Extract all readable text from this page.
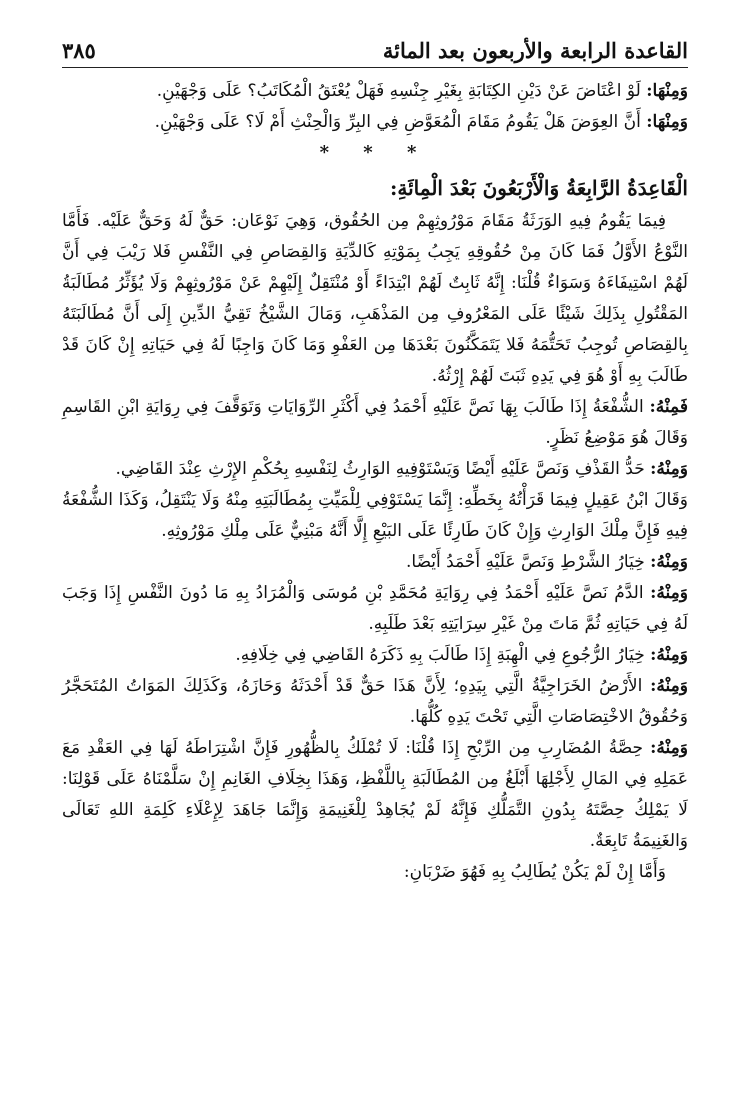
القاعدة الرابعة والأربعون بعد المائة
٣٨٥

وَمِنْهَا: لَوْ اعْتَاضَ عَنْ دَيْنِ الكِتَابَةِ بِغَيْرِ جِنْسِهِ فَهَلْ يُعْتَقُ الْمُكَاتَبُ؟ عَلَى وَجْهَيْنِ.

وَمِنْهَا: أَنَّ العِوَضَ هَلْ يَقُومُ مَقَامَ الْمُعَوَّضِ فِي البِرِّ وَالْحِنْثِ أَمْ لَا؟ عَلَى وَجْهَيْنِ.

* * *
الْقَاعِدَةُ الرَّابِعَةُ وَالْأَرْبَعُونَ بَعْدَ الْمِائَةِ:

فِيمَا يَقُومُ فِيهِ الوَرَثَةُ مَقَامَ مَوْرُوثِهِمْ مِن الحُقُوق، وَهِيَ نَوْعَان: حَقٌّ لَهُ وَحَقٌّ عَلَيْه. فَأَمَّا النَّوْعُ الأَوَّلُ فَمَا كَانَ مِنْ حُقُوقِهِ يَجِبُ بِمَوْتِهِ كَالدِّيَةِ وَالقِصَاصِ فِي النَّفْسِ فَلا رَيْبَ فِي أَنَّ لَهُمْ اسْتِيفَاءَهُ وَسَوَاءٌ قُلْنَا: إِنَّهُ ثَابِتٌ لَهُمْ ابْتِدَاءً أَوْ مُنْتَقِلٌ إِلَيْهِمْ عَنْ مَوْرُوثِهِمْ وَلَا يُؤَثِّرُ مُطَالَبَةُ المَقْتُولِ بِذَلِكَ شَيْئًا عَلَى المَعْرُوفِ مِن المَذْهَبِ، وَمَالَ الشَّيْخُ تَقِيُّ الدِّينِ إِلَى أَنَّ مُطَالَبَتَهُ بِالقِصَاصِ تُوجِبُ تَحَتُّمَهُ فَلا يَتَمَكَّنُونَ بَعْدَهَا مِن العَفْوِ وَمَا كَانَ وَاجِبًا لَهُ فِي حَيَاتِهِ إِنْ كَانَ قَدْ طَالَبَ بِهِ أَوْ هُوَ فِي يَدِهِ ثَبَتَ لَهُمْ إِرْثُهُ.

فَمِنْهُ: الشُّفْعَةُ إِذَا طَالَبَ بِهَا نَصَّ عَلَيْهِ أَحْمَدُ فِي أَكْثَرِ الرِّوَايَاتِ وَتَوَقَّفَ فِي رِوَايَةِ ابْنِ القَاسِمِ وَقَالَ هُوَ مَوْضِعُ نَظَرٍ.

وَمِنْهُ: حَدُّ القَذْفِ وَنَصَّ عَلَيْهِ أَيْضًا وَيَسْتَوْفِيهِ الوَارِثُ لِنَفْسِهِ بِحُكْمِ الإِرْثِ عِنْدَ القَاضِي.

وَقَالَ ابْنُ عَقِيلٍ فِيمَا قَرَأْتُهُ بِخَطِّهِ: إِنَّمَا يَسْتَوْفِي لِلْمَيِّتِ بِمُطَالَبَتِهِ مِنْهُ وَلَا يَنْتَقِلُ، وَكَذَا الشُّفْعَةُ فِيهِ فَإِنَّ مِلْكَ الوَارِثِ وَإِنْ كَانَ طَارِئًا عَلَى البَيْعِ إِلَّا أَنَّهُ مَبْنِيٌّ عَلَى مِلْكِ مَوْرُوثِهِ.

وَمِنْهُ: خِيَارُ الشَّرْطِ وَنَصَّ عَلَيْهِ أَحْمَدُ أَيْضًا.

وَمِنْهُ: الدَّمُ نَصَّ عَلَيْهِ أَحْمَدُ فِي رِوَايَةِ مُحَمَّدِ بْنِ مُوسَى وَالْمُرَادُ بِهِ مَا دُونَ النَّفْسِ إِذَا وَجَبَ لَهُ فِي حَيَاتِهِ ثُمَّ مَاتَ مِنْ غَيْرِ سِرَايَتِهِ بَعْدَ طَلَبِهِ.

وَمِنْهُ: خِيَارُ الرُّجُوعِ فِي الْهِبَةِ إِذَا طَالَبَ بِهِ ذَكَرَهُ القَاضِي فِي خِلَافِهِ.

وَمِنْهُ: الأَرْضُ الخَرَاجِيَّةُ الَّتِي بِيَدِهِ؛ لِأَنَّ هَذَا حَقٌّ قَدْ أَحْدَثَهُ وَحَازَهُ، وَكَذَلِكَ المَوَاتُ المُتَحَجَّرُ وَحُقُوقُ الاخْتِصَاصَاتِ الَّتِي تَحْتَ يَدِهِ كُلُّهَا.

وَمِنْهُ: حِصَّةُ المُضَارِبِ مِن الرِّبْحِ إِذَا قُلْنَا: لَا تُمْلَكُ بِالظُّهُورِ فَإِنَّ اشْتِرَاطَهُ لَهَا فِي العَقْدِ مَعَ عَمَلِهِ فِي المَالِ لِأَجْلِهَا أَبْلَغُ مِن المُطَالَبَةِ بِاللَّفْظِ، وَهَذَا بِخِلَافِ الغَانِمِ إِنْ سَلَّمْنَاهُ عَلَى قَوْلِنَا: لَا يَمْلِكُ حِصَّتَهُ بِدُونِ التَّمَلُّكِ فَإِنَّهُ لَمْ يُجَاهِدْ لِلْغَنِيمَةِ وَإِنَّمَا جَاهَدَ لِإِعْلَاءِ كَلِمَةِ اللهِ تَعَالَى وَالغَنِيمَةُ تَابِعَةٌ.

وَأَمَّا إِنْ لَمْ يَكُنْ يُطَالِبُ بِهِ فَهُوَ ضَرْبَانِ:
